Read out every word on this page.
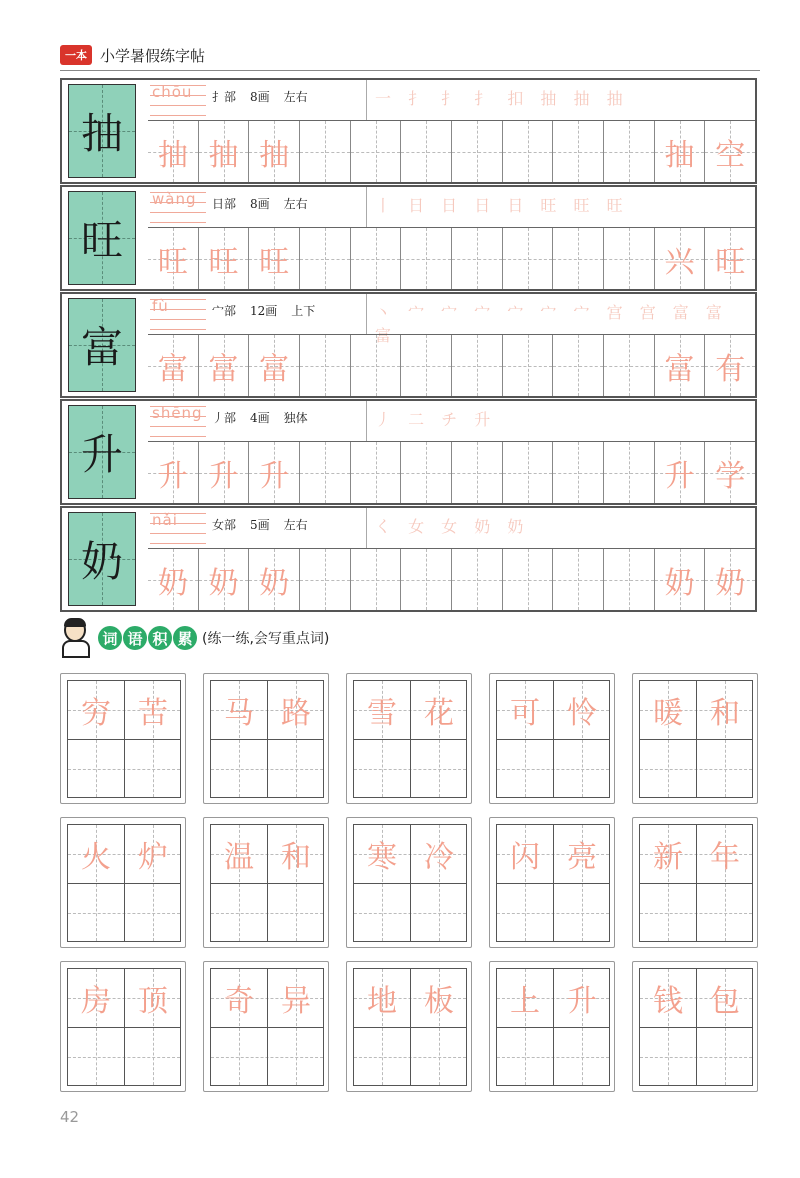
一本 小学暑假练字帖
抽
chōu 扌部 8画 左右	一 扌 扌 扌 扣 抽 抽 抽
抽 抽 抽	抽 空
旺
wàng 日部 8画 左右	丨 日 日 日 日 旺 旺 旺
旺 旺 旺	兴 旺
富
fù	宀部 12画 上下	丶 宀 宀 宀 宀 宀 宀 宫 宫 富 富 富
富 富 富	富 有
升
shēng 丿部 4画 独体	丿 二 チ 升
升 升 升	升 学
奶
nǎi	女部 5画 左右	く 女 女 奶 奶
奶 奶 奶	奶 奶
词 语 积 累 (练一练,会写重点词)
穷 苦	马 路	雪 花	可 怜	暖 和
火 炉	温 和	寒 冷	闪 亮	新 年
房 顶	奇 异	地 板	上 升	钱 包
42
